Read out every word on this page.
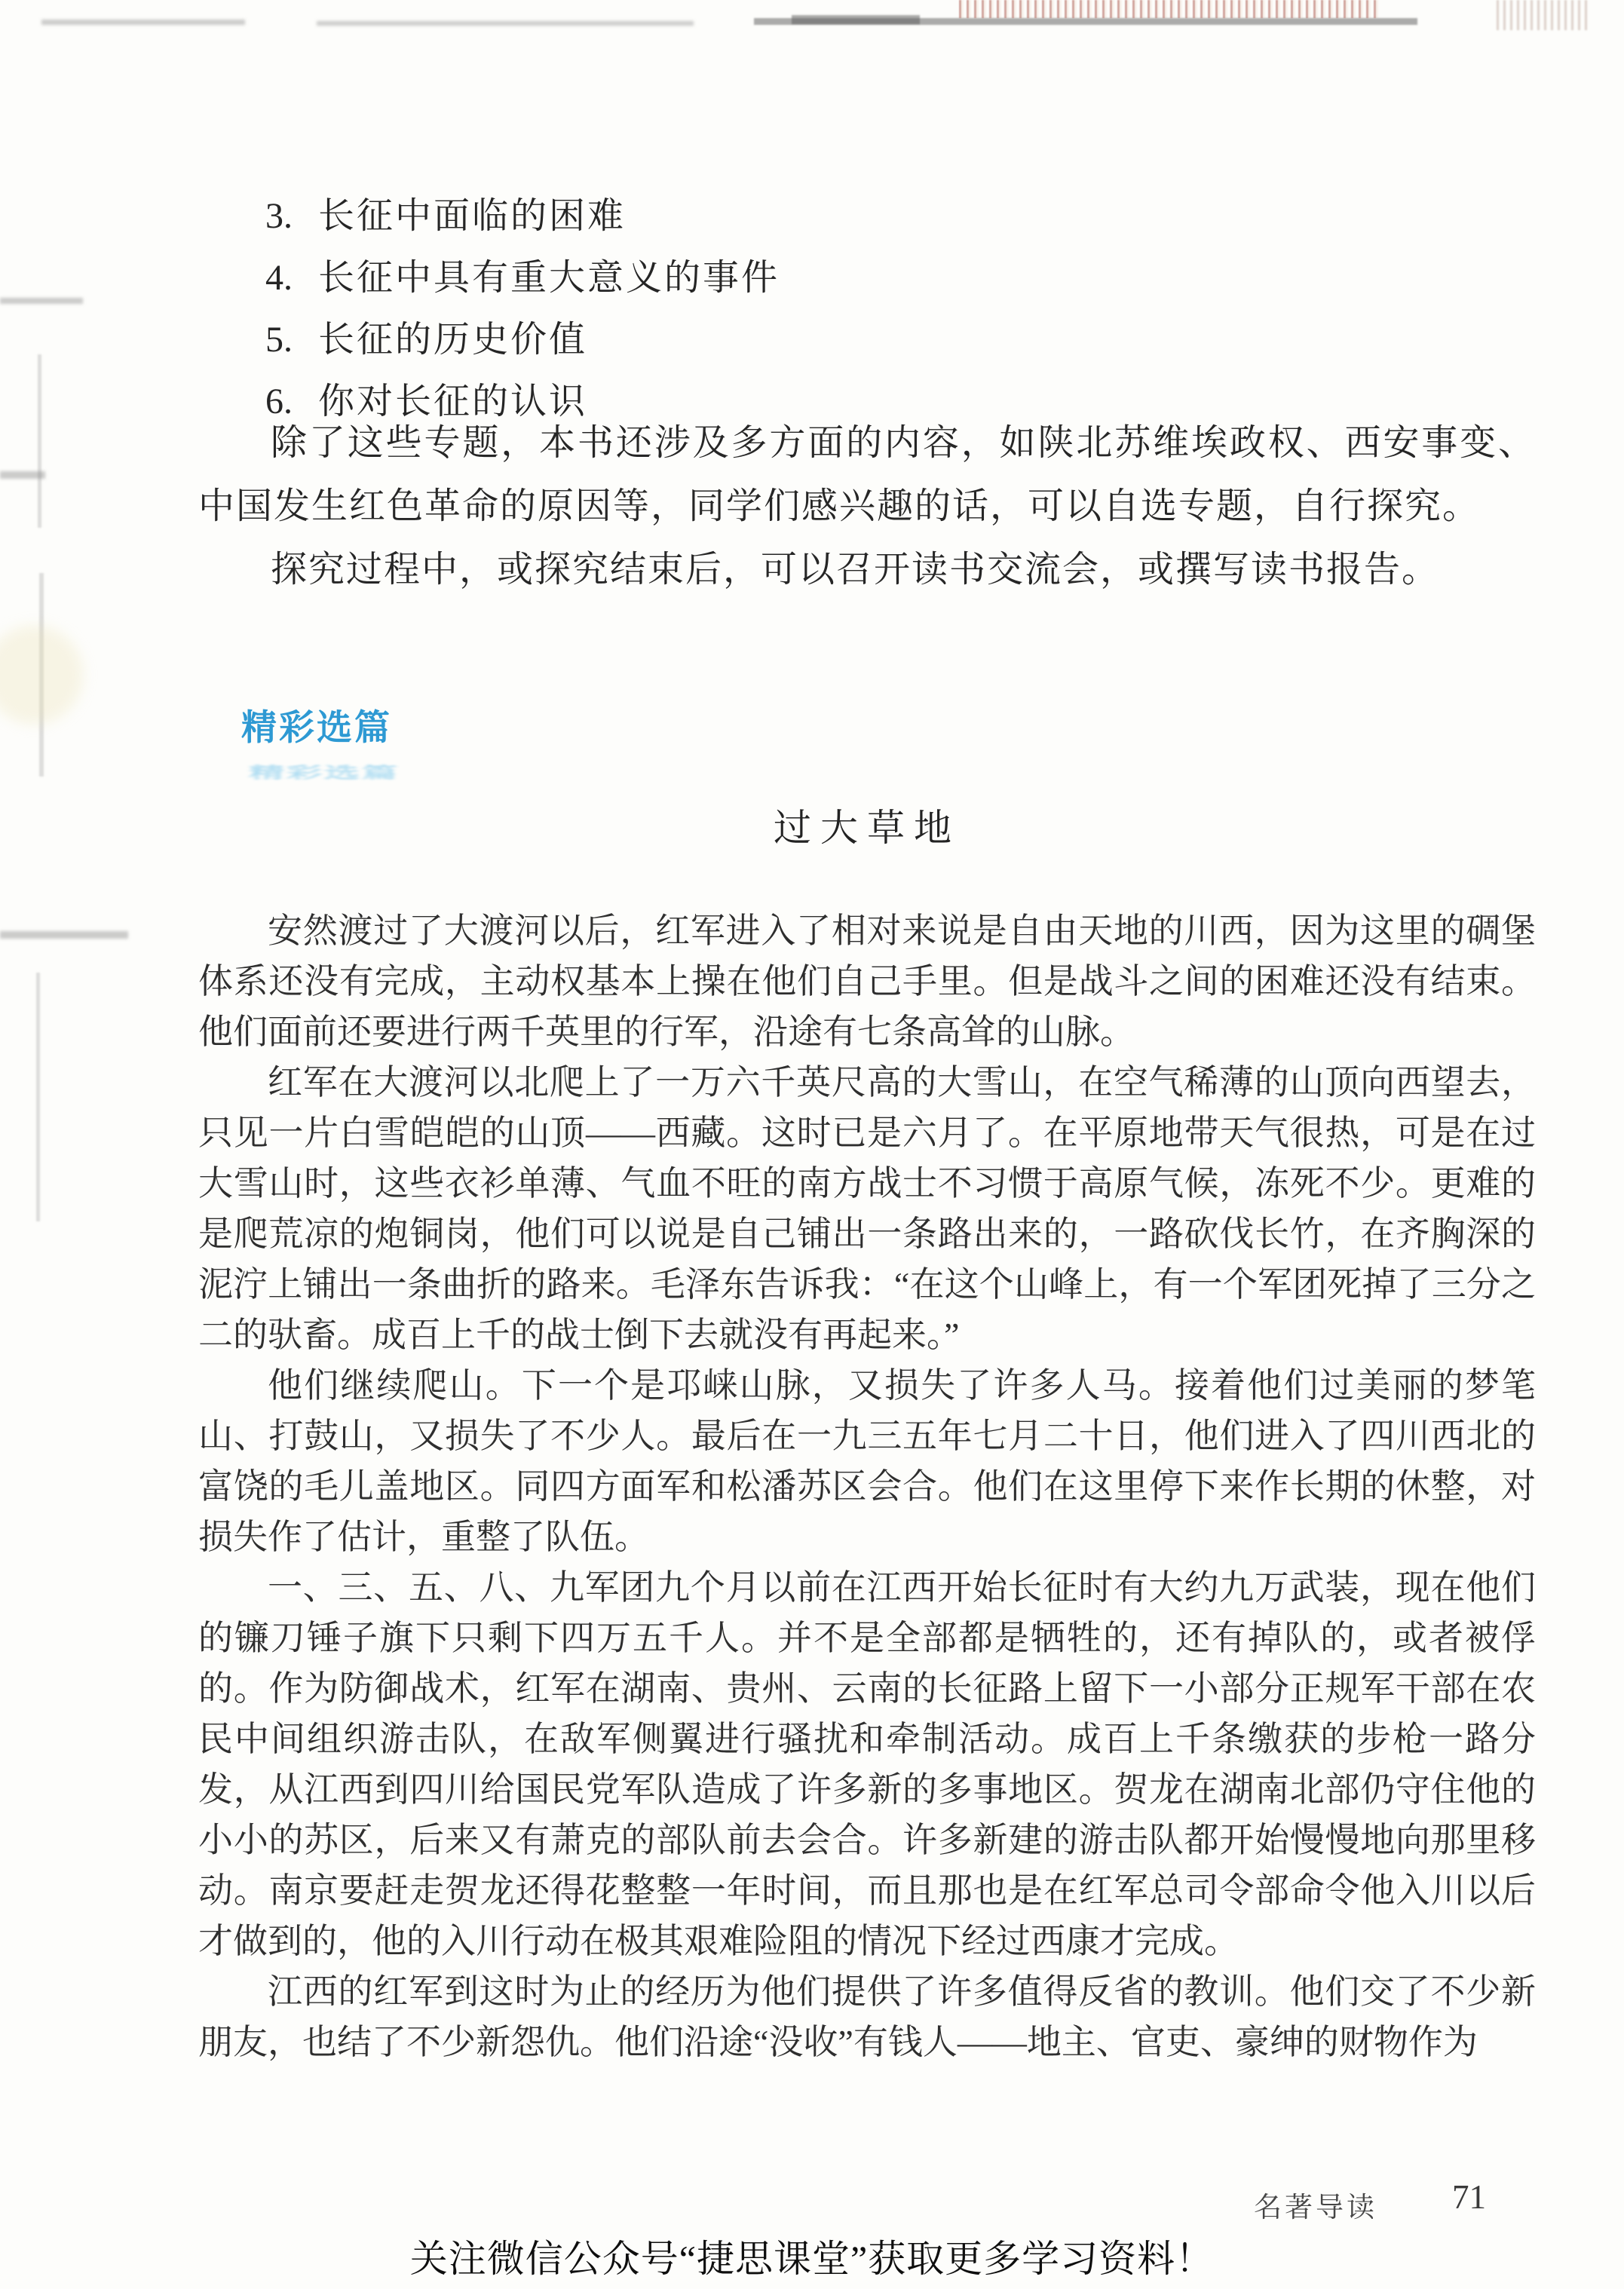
3. 长征中面临的困难
4. 长征中具有重大意义的事件
5. 长征的历史价值
6. 你对长征的认识

除了这些专题，本书还涉及多方面的内容，如陕北苏维埃政权、西安事变、中国发生红色革命的原因等，同学们感兴趣的话，可以自选专题，自行探究。

探究过程中，或探究结束后，可以召开读书交流会，或撰写读书报告。

精彩选篇
精彩选篇
过大草地

安然渡过了大渡河以后，红军进入了相对来说是自由天地的川西，因为这里的碉堡体系还没有完成，主动权基本上操在他们自己手里。但是战斗之间的困难还没有结束。他们面前还要进行两千英里的行军，沿途有七条高耸的山脉。

红军在大渡河以北爬上了一万六千英尺高的大雪山，在空气稀薄的山顶向西望去，只见一片白雪皑皑的山顶——西藏。这时已是六月了。在平原地带天气很热，可是在过大雪山时，这些衣衫单薄、气血不旺的南方战士不习惯于高原气候，冻死不少。更难的是爬荒凉的炮铜岗，他们可以说是自己铺出一条路出来的，一路砍伐长竹，在齐胸深的泥泞上铺出一条曲折的路来。毛泽东告诉我：“在这个山峰上，有一个军团死掉了三分之二的驮畜。成百上千的战士倒下去就没有再起来。”

他们继续爬山。下一个是邛崃山脉，又损失了许多人马。接着他们过美丽的梦笔山、打鼓山，又损失了不少人。最后在一九三五年七月二十日，他们进入了四川西北的富饶的毛儿盖地区。同四方面军和松潘苏区会合。他们在这里停下来作长期的休整，对损失作了估计，重整了队伍。

一、三、五、八、九军团九个月以前在江西开始长征时有大约九万武装，现在他们的镰刀锤子旗下只剩下四万五千人。并不是全部都是牺牲的，还有掉队的，或者被俘的。作为防御战术，红军在湖南、贵州、云南的长征路上留下一小部分正规军干部在农民中间组织游击队，在敌军侧翼进行骚扰和牵制活动。成百上千条缴获的步枪一路分发，从江西到四川给国民党军队造成了许多新的多事地区。贺龙在湖南北部仍守住他的小小的苏区，后来又有萧克的部队前去会合。许多新建的游击队都开始慢慢地向那里移动。南京要赶走贺龙还得花整整一年时间，而且那也是在红军总司令部命令他入川以后才做到的，他的入川行动在极其艰难险阻的情况下经过西康才完成。

江西的红军到这时为止的经历为他们提供了许多值得反省的教训。他们交了不少新朋友，也结了不少新怨仇。他们沿途“没收”有钱人——地主、官吏、豪绅的财物作为

名著导读 71
关注微信公众号“捷思课堂”获取更多学习资料！
